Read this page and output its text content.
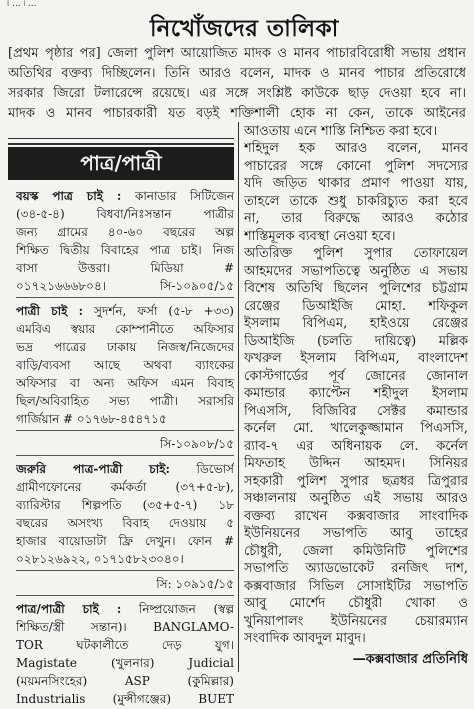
। ... ৷ ...
নিখোঁজদের তালিকা
[প্রথম পৃষ্ঠার পর] জেলা পুলিশ আয়োজিত মাদক ও মানব পাচারবিরোধী সভায় প্রধান
অতিথির বক্তব্য দিচ্ছিলেন। তিনি আরও বলেন, মাদক ও মানব পাচার প্রতিরোধে
সরকার জিরো টলারেন্সে রয়েছে। এর সঙ্গে সংশ্লিষ্ট কাউকে ছাড় দেওয়া হবে না।
মাদক ও মানব পাচারকারী যত বড়ই শক্তিশালী হোক না কেন, তাকে আইনের
পাত্র/পাত্রী
আওতায় এনে শাস্তি নিশ্চিত করা হবে।
শহিদুল হক আরও বলেন, মানব
পাচারের সঙ্গে কোনো পুলিশ সদস্যের
যদি জড়িত থাকার প্রমাণ পাওয়া যায়,
তাহলে তাকে শুধু চাকরিচ্যুত করা হবে
না, তার বিরুদ্ধে আরও কঠোর
শাস্তিমূলক ব্যবস্থা নেওয়া হবে।
অতিরিক্ত পুলিশ সুপার তোফায়েল
আহমদের সভাপতিত্বে অনুষ্ঠিত এ সভায়
বিশেষ অতিথি ছিলেন পুলিশের চট্টগ্রাম
রেঞ্জের ডিআইজি মোহা. শফিকুল
ইসলাম বিপিএম, হাইওয়ে রেঞ্জের
ডিআইজি (চলতি দায়িত্বে) মল্লিক
ফখরুল ইসলাম বিপিএম, বাংলাদেশ
কোস্টগার্ডের পূর্ব জোনের জোনাল
কমান্ডার ক্যাপ্টেন শহীদুল ইসলাম
পিএসসি, বিজিবির সেক্টর কমান্ডার
কর্নেল মো. খালেকুজ্জামান পিএসসি,
র‍্যাব-৭ এর অধিনায়ক লে. কর্নেল
মিফতাহ উদ্দিন আহমদ। সিনিয়র
সহকারী পুলিশ সুপার ছত্রধর ত্রিপুরার
সঞ্চালনায় অনুষ্ঠিত এই সভায় আরও
বক্তব্য রাখেন কক্সবাজার সাংবাদিক
ইউনিয়নের সভাপতি আবু তাহের
চৌধুরী, জেলা কমিউনিটি পুলিশের
সভাপতি অ্যাডভোকেট রনজিৎ দাশ,
কক্সবাজার সিভিল সোসাইটির সভাপতি
আবু মোর্শেদ চৌধুরী খোকা ও
খুনিয়াপালং ইউনিয়নের চেয়ারম্যান
সংবাদিক আবদুল মাবুদ।
—কক্সবাজার প্রতিনিধি
বয়স্ক পাত্র চাই : কানাডার সিটিজেন
(৩৪-৫-৪) বিধবা/নিঃসন্তান পাত্রীর
জন্য গ্রামের ৪০-৬০ বছরের অল্প
শিক্ষিত দ্বিতীয় বিবাহের পাত্র চাই। নিজ
বাসা উত্তরা। মিডিয়া #
০১৭২১৬৬৬৮০৪। সি-১০৯০৫/১৫
পাত্রী চাই : সুদর্শন, ফর্সা (৫-৮ +৩৩)
এমবিএ স্বয়ার কোম্পানীতে অফিসার
ভদ্র পাত্রের ঢাকায় নিজস্ব/নিজেদের
বাড়ি/ব্যবসা আছে অথবা ব্যাংকের
অফিসার বা অন্য অফিস এমন বিবাহ
ছিল/অবিবাহিত সভ্য পাত্রী। সরাসরি
গার্জিয়ান # ০১৭৬৮-৪৫৪৭১৫
সি-১০৯০৮/১৫
জরুরি পাত্র-পাত্রী চাই: ডিভোর্স
গ্রামীণফোনের কর্মকর্তা (৩৭+৫-৮),
ব্যারিস্টার শিল্পপতি (৩৫+৫-৭) ১৮
বছরের অসংখ্য বিবাহ দেওয়ায় ৫
হাজার বায়োডাটা ফ্রি দেখুন। ফোন #
০২৮১২৬৯২২, ০১৭১৫৮২৩০৪০।
সি: ১০৯১৫/১৫
পাত্র/পাত্রী চাই : নিষ্প্রয়োজন (স্বল্প
শিক্ষিত/স্ত্রী সন্তান)। BANGLAMO-
TOR ঘটকালীতে দেড় যুগ।
Magistate (খুলনার) Judicial
(ময়মনসিংহের) ASP (কুমিল্লার)
Industrialis (মুন্সীগঞ্জের) BUET
